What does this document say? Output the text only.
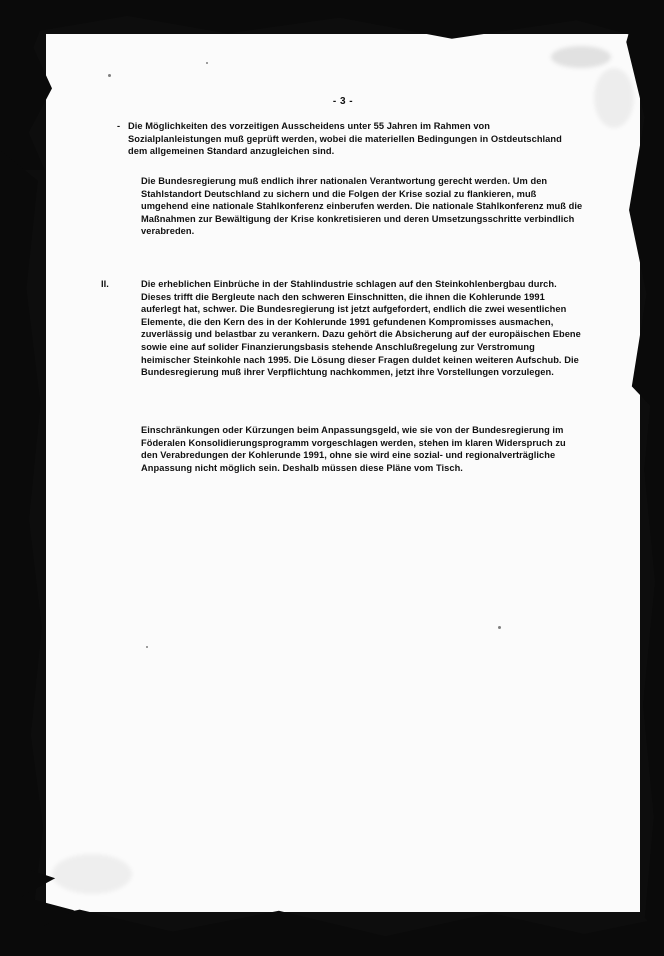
- 3 -
- Die Möglichkeiten des vorzeitigen Ausscheidens unter 55 Jahren im Rahmen von Sozialplanleistungen muß geprüft werden, wobei die materiellen Bedingungen in Ostdeutschland dem allgemeinen Standard anzugleichen sind.
Die Bundesregierung muß endlich ihrer nationalen Verantwortung gerecht werden. Um den Stahlstandort Deutschland zu sichern und die Folgen der Krise sozial zu flankieren, muß umgehend eine nationale Stahlkonferenz einberufen werden. Die nationale Stahlkonferenz muß die Maßnahmen zur Bewältigung der Krise konkretisieren und deren Umsetzungsschritte verbindlich verabreden.
II.	Die erheblichen Einbrüche in der Stahlindustrie schlagen auf den Steinkohlenbergbau durch. Dieses trifft die Bergleute nach den schweren Einschnitten, die ihnen die Kohlerunde 1991 auferlegt hat, schwer. Die Bundesregierung ist jetzt aufgefordert, endlich die zwei wesentlichen Elemente, die den Kern des in der Kohlerunde 1991 gefundenen Kompromisses ausmachen, zuverlässig und belastbar zu verankern. Dazu gehört die Absicherung auf der europäischen Ebene sowie eine auf solider Finanzierungsbasis stehende Anschlußregelung zur Verstromung heimischer Steinkohle nach 1995. Die Lösung dieser Fragen duldet keinen weiteren Aufschub. Die Bundesregierung muß ihrer Verpflichtung nachkommen, jetzt ihre Vorstellungen vorzulegen.
Einschränkungen oder Kürzungen beim Anpassungsgeld, wie sie von der Bundesregierung im Föderalen Konsolidierungsprogramm vorgeschlagen werden, stehen im klaren Widerspruch zu den Verabredungen der Kohlerunde 1991, ohne sie wird eine sozial- und regionalverträgliche Anpassung nicht möglich sein. Deshalb müssen diese Pläne vom Tisch.
